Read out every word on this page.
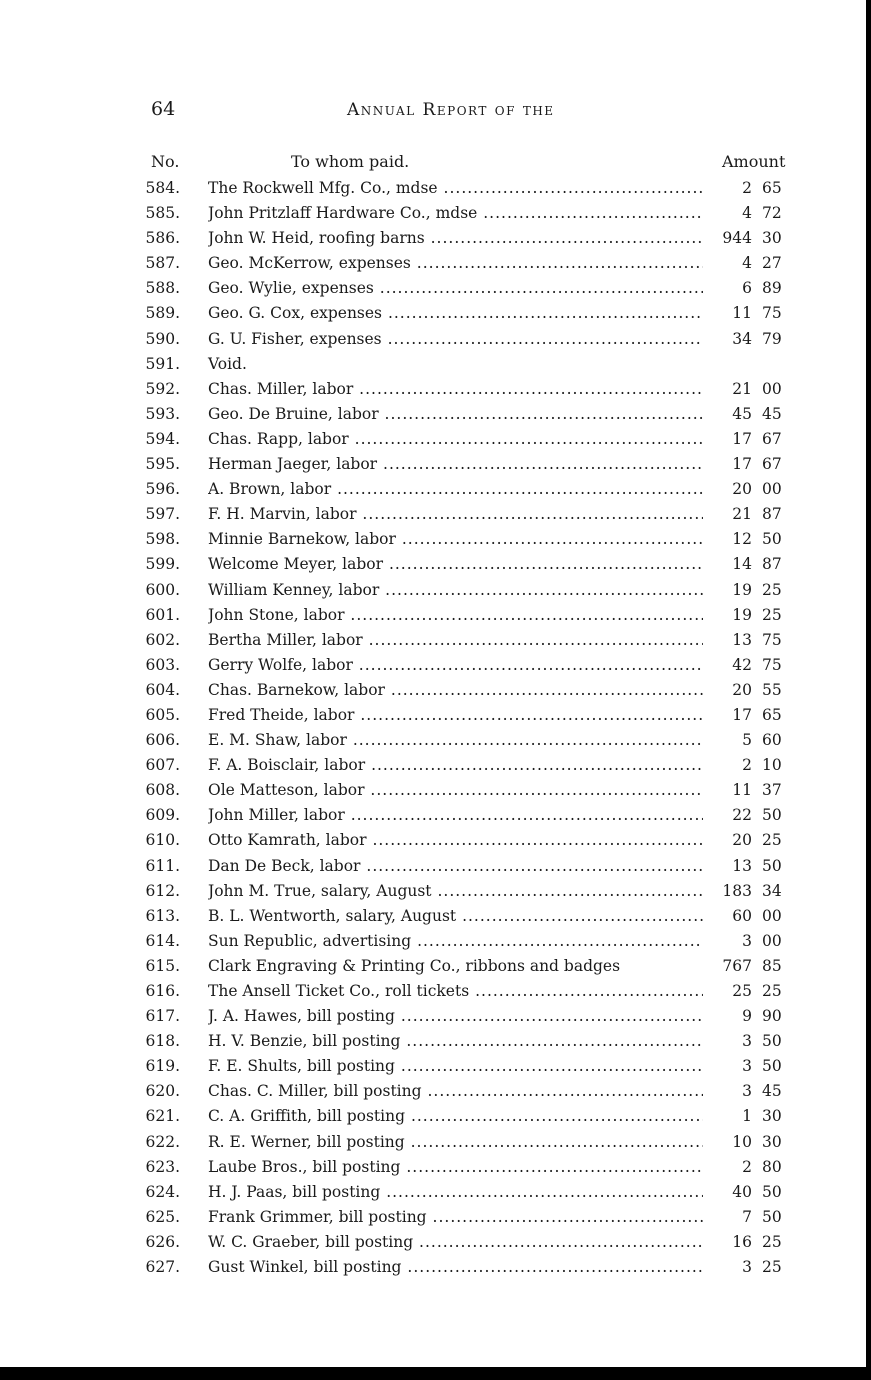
64	Annual Report of the
No.	To whom paid.	Amount
584. The Rockwell Mfg. Co., mdse .....	2 65
585. John Pritzlaff Hardware Co., mdse .....	4 72
586. John W. Heid, roofing barns .....	944 30
587. Geo. McKerrow, expenses .....	4 27
588. Geo. Wylie, expenses .....	6 89
589. Geo. G. Cox, expenses .....	11 75
590. G. U. Fisher, expenses .....	34 79
591. Void.
592. Chas. Miller, labor .....	21 00
593. Geo. De Bruine, labor .....	45 45
594. Chas. Rapp, labor .....	17 67
595. Herman Jaeger, labor .....	17 67
596. A. Brown, labor .....	20 00
597. F. H. Marvin, labor .....	21 87
598. Minnie Barnekow, labor .....	12 50
599. Welcome Meyer, labor .....	14 87
600. William Kenney, labor .....	19 25
601. John Stone, labor .....	19 25
602. Bertha Miller, labor .....	13 75
603. Gerry Wolfe, labor .....	42 75
604. Chas. Barnekow, labor .....	20 55
605. Fred Theide, labor .....	17 65
606. E. M. Shaw, labor .....	5 60
607. F. A. Boisclair, labor .....	2 10
608. Ole Matteson, labor .....	11 37
609. John Miller, labor .....	22 50
610. Otto Kamrath, labor .....	20 25
611. Dan De Beck, labor .....	13 50
612. John M. True, salary, August .....	183 34
613. B. L. Wentworth, salary, August .....	60 00
614. Sun Republic, advertising .....	3 00
615. Clark Engraving & Printing Co., ribbons and badges	767 85
616. The Ansell Ticket Co., roll tickets .....	25 25
617. J. A. Hawes, bill posting .....	9 90
618. H. V. Benzie, bill posting .....	3 50
619. F. E. Shults, bill posting .....	3 50
620. Chas. C. Miller, bill posting .....	3 45
621. C. A. Griffith, bill posting .....	1 30
622. R. E. Werner, bill posting .....	10 30
623. Laube Bros., bill posting .....	2 80
624. H. J. Paas, bill posting .....	40 50
625. Frank Grimmer, bill posting .....	7 50
626. W. C. Graeber, bill posting .....	16 25
627. Gust Winkel, bill posting .....	3 25
